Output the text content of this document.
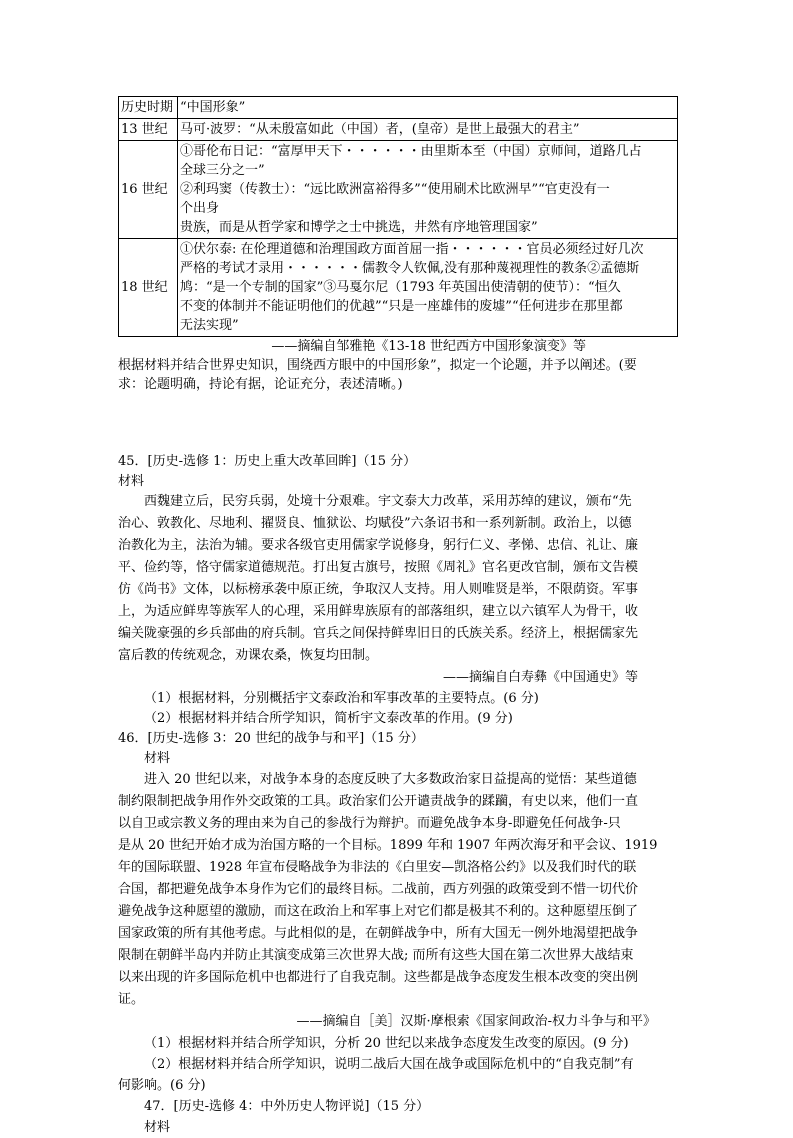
历史时期	“中国形象”
13 世纪	马可·波罗：“从未殷富如此（中国）者，(皇帝）是世上最强大的君主”

16 世纪	①哥伦布日记：“富厚甲天下・・・・・・由里斯本至（中国）京师间，道路几占
全球三分之一”
②利玛窦（传教士）：“远比欧洲富裕得多”“使用刷术比欧洲早”“官吏没有一
个出身
贵族，而是从哲学家和博学之士中挑选，井然有序地管理国家”

18 世纪	①伏尔泰: 在伦理道德和治理国政方面首屈一指・・・・・・官员必须经过好几次
严格的考试才录用・・・・・・儒教令人钦佩,没有那种蔑视理性的教条②孟德斯
鸠：“是一个专制的国家”③马戛尔尼（1793 年英国出使清朝的使节）：“恒久
不变的体制并不能证明他们的优越”“只是一座雄伟的废墟”“任何进步在那里都
无法实现”

——摘编自邹雅艳《13-18 世纪西方中国形象演变》等

根据材料并结合世界史知识，围绕西方眼中的中国形象”，拟定一个论题，并予以阐述。(要

求：论题明确，持论有据，论证充分，表述清晰。)

45．[历史-选修 1：历史上重大改革回眸]（15 分）

材料

西魏建立后，民穷兵弱，处境十分艰难。宇文泰大力改革，采用苏绰的建议，颁布“先

治心、敦教化、尽地利、擢贤良、恤狱讼、均赋役”六条诏书和一系列新制。政治上，以德

治教化为主，法治为辅。要求各级官吏用儒家学说修身，躬行仁义、孝悌、忠信、礼让、廉

平、俭约等，恪守儒家道德规范。打出复古旗号，按照《周礼》官名更改官制，颁布文告模

仿《尚书》文体，以标榜承袭中原正统，争取汉人支持。用人则唯贤是举，不限荫资。军事

上，为适应鲜卑等族军人的心理，采用鲜卑族原有的部落组织，建立以六镇军人为骨干，收

编关陇豪强的乡兵部曲的府兵制。官兵之间保持鲜卑旧日的氏族关系。经济上，根据儒家先

富后教的传统观念，劝课农桑，恢复均田制。

——摘编自白寿彝《中国通史》等

（1）根据材料，分别概括宇文泰政治和军事改革的主要特点。(6 分)

（2）根据材料并结合所学知识，简析宇文泰改革的作用。(9 分)

46．[历史-选修 3：20 世纪的战争与和平]（15 分）

材料

进入 20 世纪以来，对战争本身的态度反映了大多数政治家日益提高的觉悟：某些道德

制约限制把战争用作外交政策的工具。政治家们公开谴责战争的蹂躏，有史以来，他们一直

以自卫或宗教义务的理由来为自己的参战行为辩护。而避免战争本身-即避免任何战争-只

是从 20 世纪开始才成为治国方略的一个目标。1899 年和 1907 年两次海牙和平会议、1919

年的国际联盟、1928 年宣布侵略战争为非法的《白里安—凯洛格公约》以及我们时代的联

合国，都把避免战争本身作为它们的最终目标。二战前，西方列强的政策受到不惜一切代价

避免战争这种愿望的激励，而这在政治上和军事上对它们都是极其不利的。这种愿望压倒了

国家政策的所有其他考虑。与此相似的是，在朝鲜战争中，所有大国无一例外地渴望把战争

限制在朝鲜半岛内并防止其演变成第三次世界大战; 而所有这些大国在第二次世界大战结束

以来出现的许多国际危机中也都进行了自我克制。这些都是战争态度发生根本改变的突出例

证。

——摘编自［美］汉斯·摩根索《国家间政治-权力斗争与和平》

（1）根据材料并结合所学知识，分析 20 世纪以来战争态度发生改变的原因。(9 分)

（2）根据材料并结合所学知识，说明二战后大国在战争或国际危机中的“自我克制”有

何影响。(6 分)

47．[历史-选修 4：中外历史人物评说]（15 分）

材料
